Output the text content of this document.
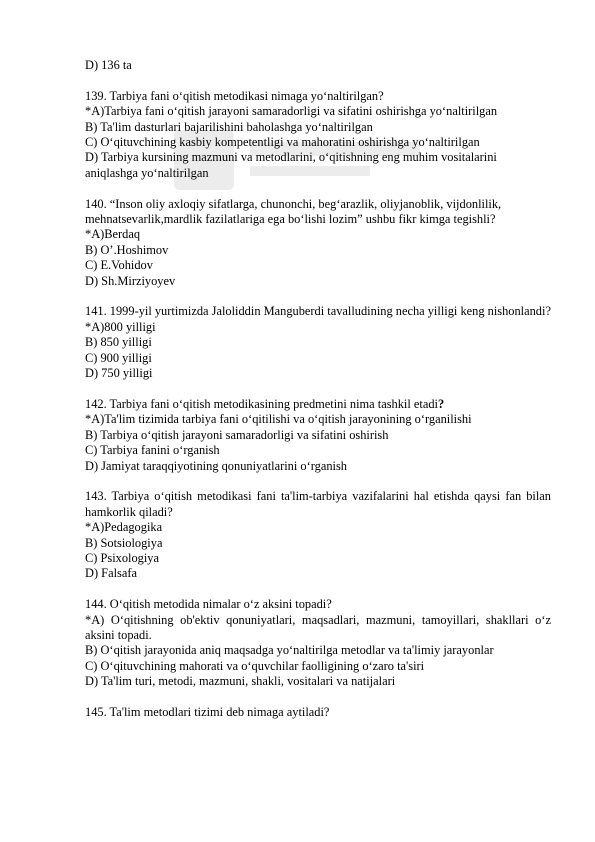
D) 136 ta
139. Tarbiya fani o‘qitish metodikasi nimaga yo‘naltirilgan?
*A)Tarbiya fani o‘qitish jarayoni samaradorligi va sifatini oshirishga yo‘naltirilgan
B) Ta'lim dasturlari bajarilishini baholashga yo‘naltirilgan
C) O‘qituvchining kasbiy kompetentligi va mahoratini oshirishga yo‘naltirilgan
D) Tarbiya kursining mazmuni va metodlarini, o‘qitishning eng muhim vositalarini aniqlashga yo‘naltirilgan
140. “Inson oliy axloqiy sifatlarga, chunonchi, beg‘arazlik, oliyjanoblik, vijdonlilik, mehnatsevarlik,mardlik fazilatlariga ega bo‘lishi lozim” ushbu fikr kimga tegishli?
*A)Berdaq
B) O’.Hoshimov
C) E.Vohidov
D) Sh.Mirziyoyev
141. 1999-yil yurtimizda Jaloliddin Manguberdi tavalludining necha yilligi keng nishonlandi?
*A)800 yilligi
B) 850 yilligi
C) 900 yilligi
D) 750 yilligi
142. Tarbiya fani o‘qitish metodikasining predmetini nima tashkil etadi?
*A)Ta'lim tizimida tarbiya fani o‘qitilishi va o‘qitish jarayonining o‘rganilishi
B) Tarbiya o‘qitish jarayoni samaradorligi va sifatini oshirish
C) Tarbiya fanini o‘rganish
D) Jamiyat taraqqiyotining qonuniyatlarini o‘rganish
143. Tarbiya o‘qitish metodikasi fani ta'lim-tarbiya vazifalarini hal etishda qaysi fan bilan hamkorlik qiladi?
*A)Pedagogika
B) Sotsiologiya
C) Psixologiya
D) Falsafa
144. O‘qitish metodida nimalar o‘z aksini topadi?
*A) O‘qitishning ob'ektiv qonuniyatlari, maqsadlari, mazmuni, tamoyillari, shakllari o‘z aksini topadi.
B) O‘qitish jarayonida aniq maqsadga yo‘naltirilga metodlar va ta'limiy jarayonlar
C) O‘qituvchining mahorati va o‘quvchilar faolligining o‘zaro ta'siri
D) Ta'lim turi, metodi, mazmuni, shakli, vositalari va natijalari
145. Ta'lim metodlari tizimi deb nimaga aytiladi?
